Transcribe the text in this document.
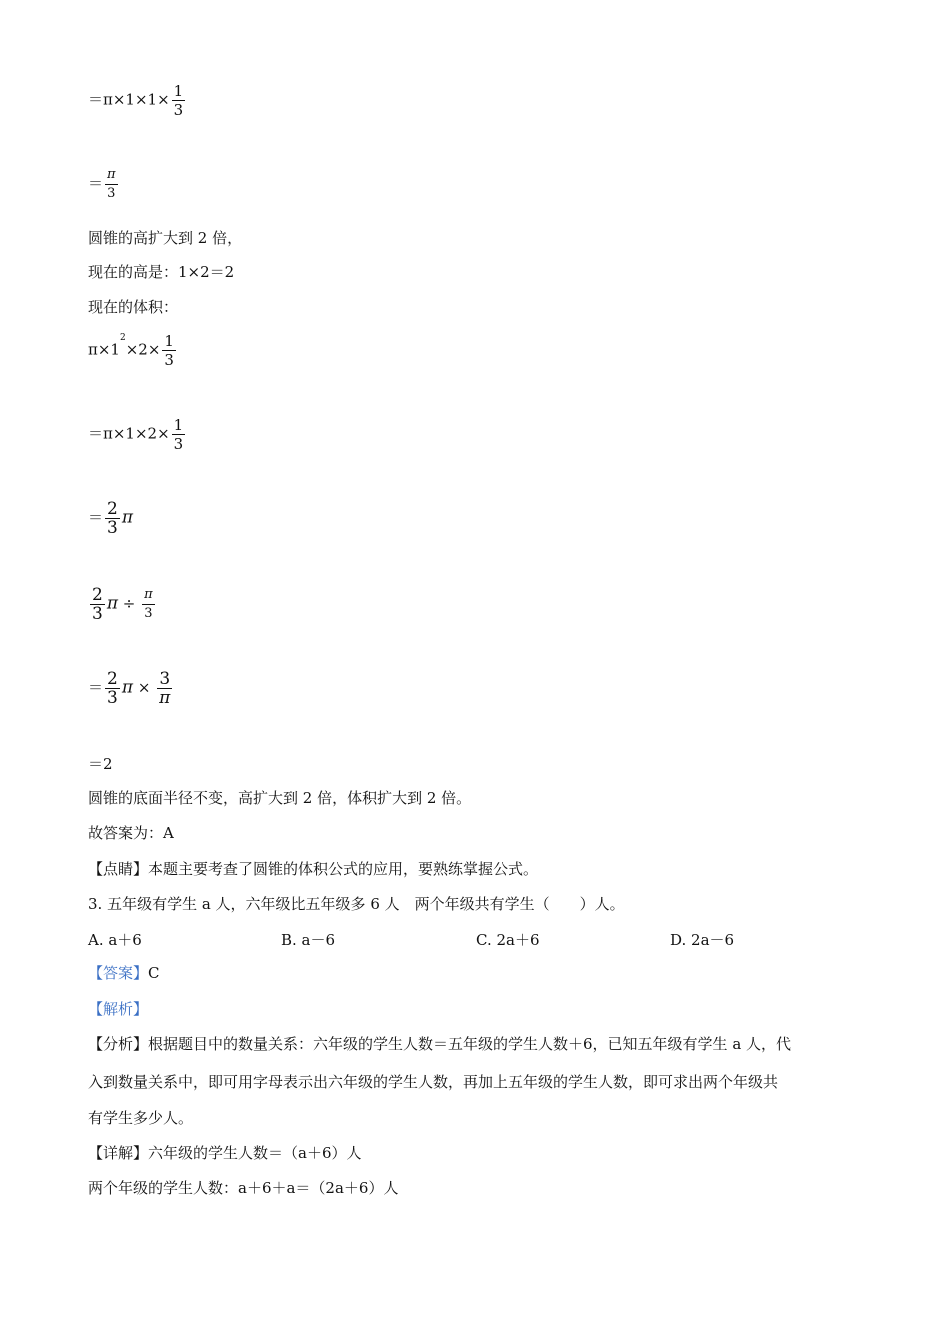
$=\pi\times 1\times 1\times \frac{1}{3}$
＝ $\frac{\pi}{3}$
圆锥的高扩大到 2 倍，
现在的高是：1×2＝2
现在的体积：
$\pi\times 1^2\times 2\times \frac{1}{3}$
$=\pi\times 1\times 2\times \frac{1}{3}$
＝ $\frac{2}{3}$ π
$\frac{2}{3}$ $\pi \div \frac{\pi}{3}$
＝ $\frac{2}{3}$ $\pi \times \frac{3}{\pi}$
＝2
圆锥的底面半径不变，高扩大到 2 倍，体积扩大到 2 倍。
故答案为：A
【点睛】本题主要考查了圆锥的体积公式的应用，要熟练掌握公式。
3. 五年级有学生 a 人，六年级比五年级多 6 人　两个年级共有学生（　　）人。
A. a＋6	B. a－6	C. 2a＋6	D. 2a－6
【答案】C
【解析】
【分析】根据题目中的数量关系：六年级的学生人数＝五年级的学生人数＋6，已知五年级有学生 a 人，代
入到数量关系中，即可用字母表示出六年级的学生人数，再加上五年级的学生人数，即可求出两个年级共
有学生多少人。
【详解】六年级的学生人数＝（a＋6）人
两个年级的学生人数：a＋6＋a＝（2a＋6）人
